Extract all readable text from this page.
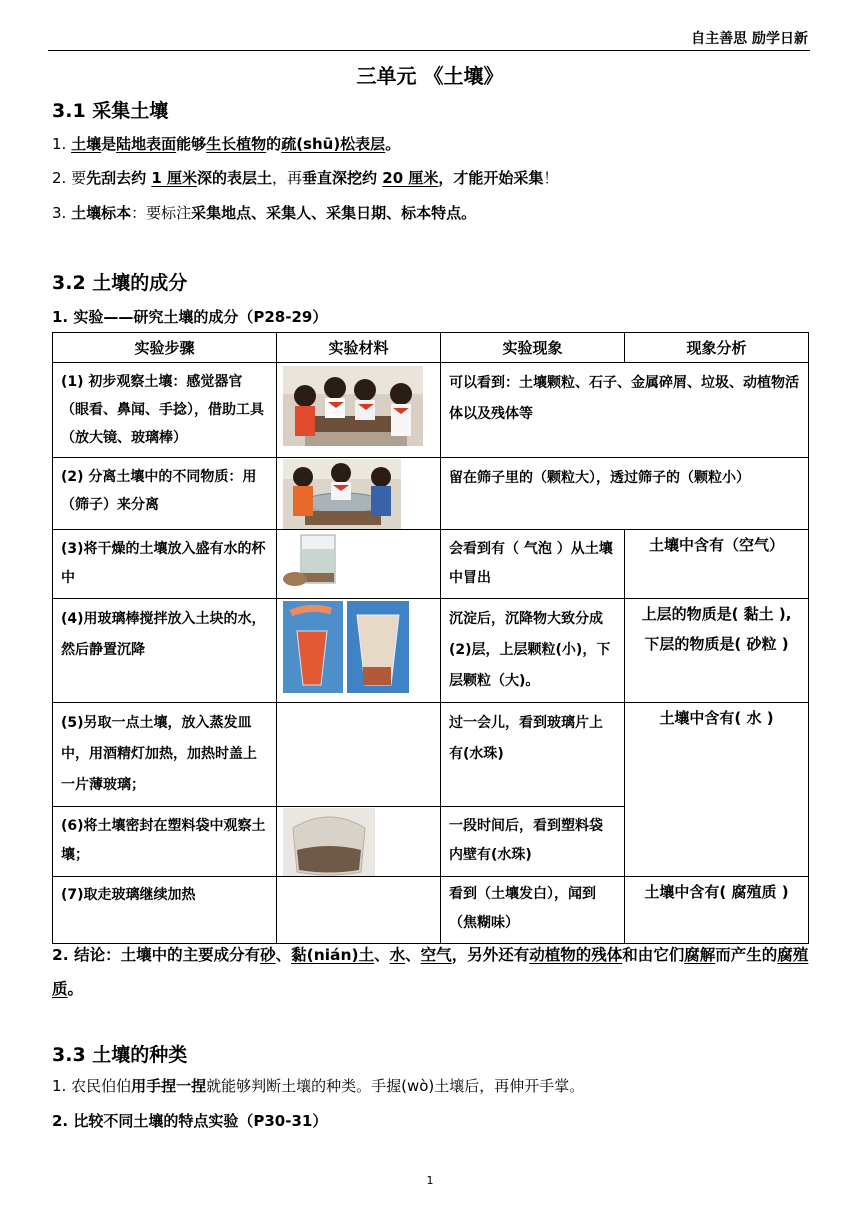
自主善思 励学日新
三单元 《土壤》
3.1 采集土壤
1. 土壤是陆地表面能够生长植物的疏(shū)松表层。
2. 要先刮去约 1 厘米深的表层土，再垂直深挖约 20 厘米，才能开始采集！
3. 土壤标本：要标注采集地点、采集人、采集日期、标本特点。
3.2 土壤的成分
1. 实验——研究土壤的成分（P28-29）
实验步骤	实验材料	实验现象	现象分析

(1) 初步观察土壤：感觉器官（眼看、鼻闻、手捻），借助工具（放大镜、玻璃棒）		可以看到：土壤颗粒、石子、金属碎屑、垃圾、动植物活体以及残体等	

(2) 分离土壤中的不同物质：用（筛子）来分离		留在筛子里的（颗粒大），透过筛子的（颗粒小）	

(3)将干燥的土壤放入盛有水的杯中		会看到有（ 气泡 ）从土壤中冒出	土壤中含有（空气）

(4)用玻璃棒搅拌放入土块的水，然后静置沉降		沉淀后，沉降物大致分成(2)层，上层颗粒(小)，下层颗粒（大)。	上层的物质是( 黏土 ),
下层的物质是( 砂粒 )

(5)另取一点土壤，放入蒸发皿中，用酒精灯加热，加热时盖上一片薄玻璃；		过一会儿，看到玻璃片上有(水珠)	土壤中含有( 水 )

(6)将土壤密封在塑料袋中观察土壤；		一段时间后，看到塑料袋内壁有(水珠)	

(7)取走玻璃继续加热		看到（土壤发白），闻到（焦糊味）	土壤中含有( 腐殖质 )
2. 结论：土壤中的主要成分有砂、黏(nián)土、水、空气，另外还有动植物的残体和由它们腐解而产生的腐殖质。
3.3 土壤的种类
1. 农民伯伯用手捏一捏就能够判断土壤的种类。手握(wò)土壤后，再伸开手掌。
2. 比较不同土壤的特点实验（P30-31）
1
